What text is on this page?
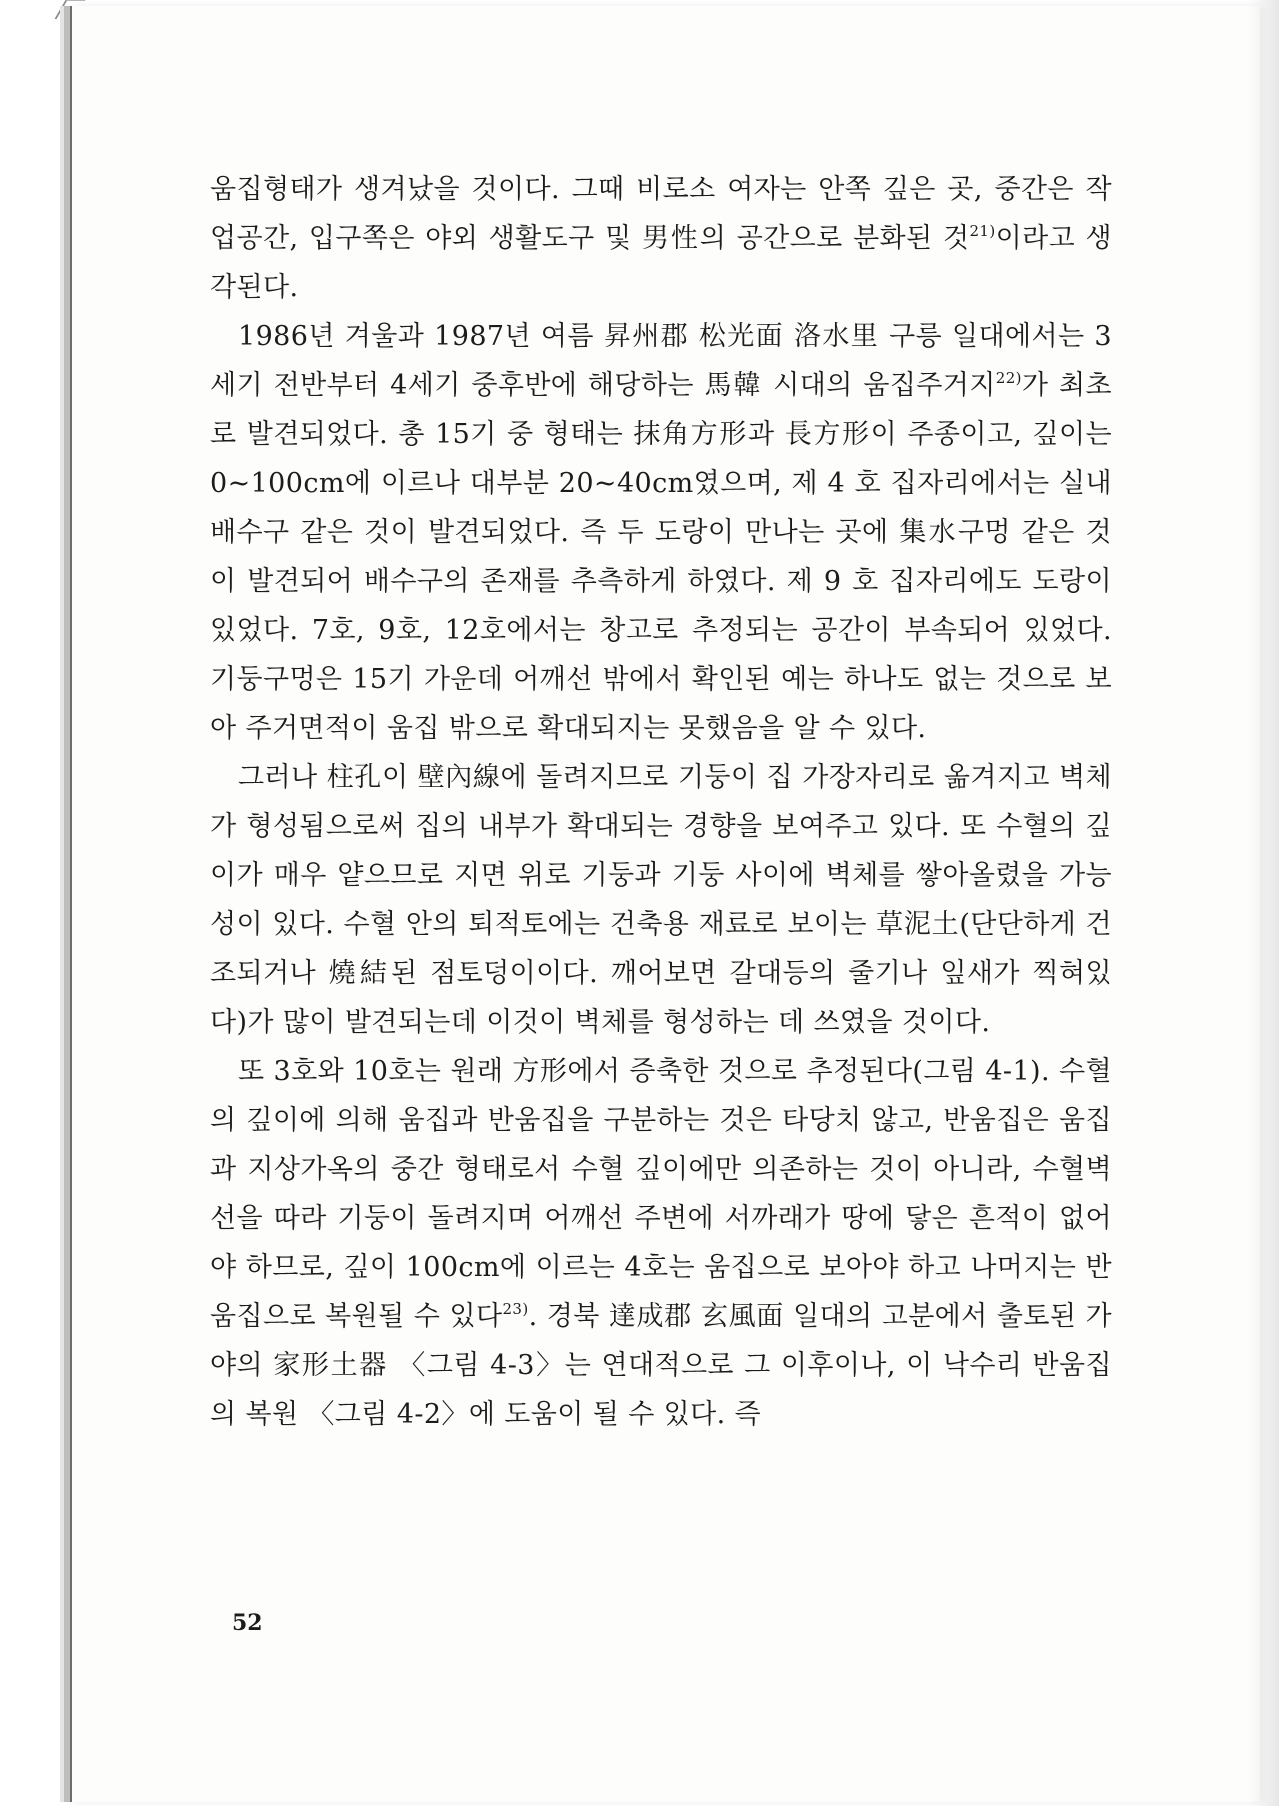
움집형태가 생겨났을 것이다. 그때 비로소 여자는 안쪽 깊은 곳, 중간은 작업공간, 입구쪽은 야외 생활도구 및 男性의 공간으로 분화된 것$^{21)}$이라고 생각된다.

1986년 겨울과 1987년 여름 昇州郡 松光面 洛水里 구릉 일대에서는 3세기 전반부터 4세기 중후반에 해당하는 馬韓 시대의 움집주거지$^{22)}$가 최초로 발견되었다. 총 15기 중 형태는 抹角方形과 長方形이 주종이고, 깊이는 0~100cm에 이르나 대부분 20~40cm였으며, 제 4 호 집자리에서는 실내 배수구 같은 것이 발견되었다. 즉 두 도랑이 만나는 곳에 集水구멍 같은 것이 발견되어 배수구의 존재를 추측하게 하였다. 제 9 호 집자리에도 도랑이 있었다. 7호, 9호, 12호에서는 창고로 추정되는 공간이 부속되어 있었다. 기둥구멍은 15기 가운데 어깨선 밖에서 확인된 예는 하나도 없는 것으로 보아 주거면적이 움집 밖으로 확대되지는 못했음을 알 수 있다.

그러나 柱孔이 壁內線에 돌려지므로 기둥이 집 가장자리로 옮겨지고 벽체가 형성됨으로써 집의 내부가 확대되는 경향을 보여주고 있다. 또 수혈의 깊이가 매우 얕으므로 지면 위로 기둥과 기둥 사이에 벽체를 쌓아올렸을 가능성이 있다. 수혈 안의 퇴적토에는 건축용 재료로 보이는 草泥土(단단하게 건조되거나 燒結된 점토덩이이다. 깨어보면 갈대등의 줄기나 잎새가 찍혀있다)가 많이 발견되는데 이것이 벽체를 형성하는 데 쓰였을 것이다.

또 3호와 10호는 원래 方形에서 증축한 것으로 추정된다(그림 4-1). 수혈의 깊이에 의해 움집과 반움집을 구분하는 것은 타당치 않고, 반움집은 움집과 지상가옥의 중간 형태로서 수혈 깊이에만 의존하는 것이 아니라, 수혈벽선을 따라 기둥이 돌려지며 어깨선 주변에 서까래가 땅에 닿은 흔적이 없어야 하므로, 깊이 100cm에 이르는 4호는 움집으로 보아야 하고 나머지는 반움집으로 복원될 수 있다$^{23)}$. 경북 達成郡 玄風面 일대의 고분에서 출토된 가야의 家形土器 〈그림 4-3〉는 연대적으로 그 이후이나, 이 낙수리 반움집의 복원 〈그림 4-2〉에 도움이 될 수 있다. 즉

52
